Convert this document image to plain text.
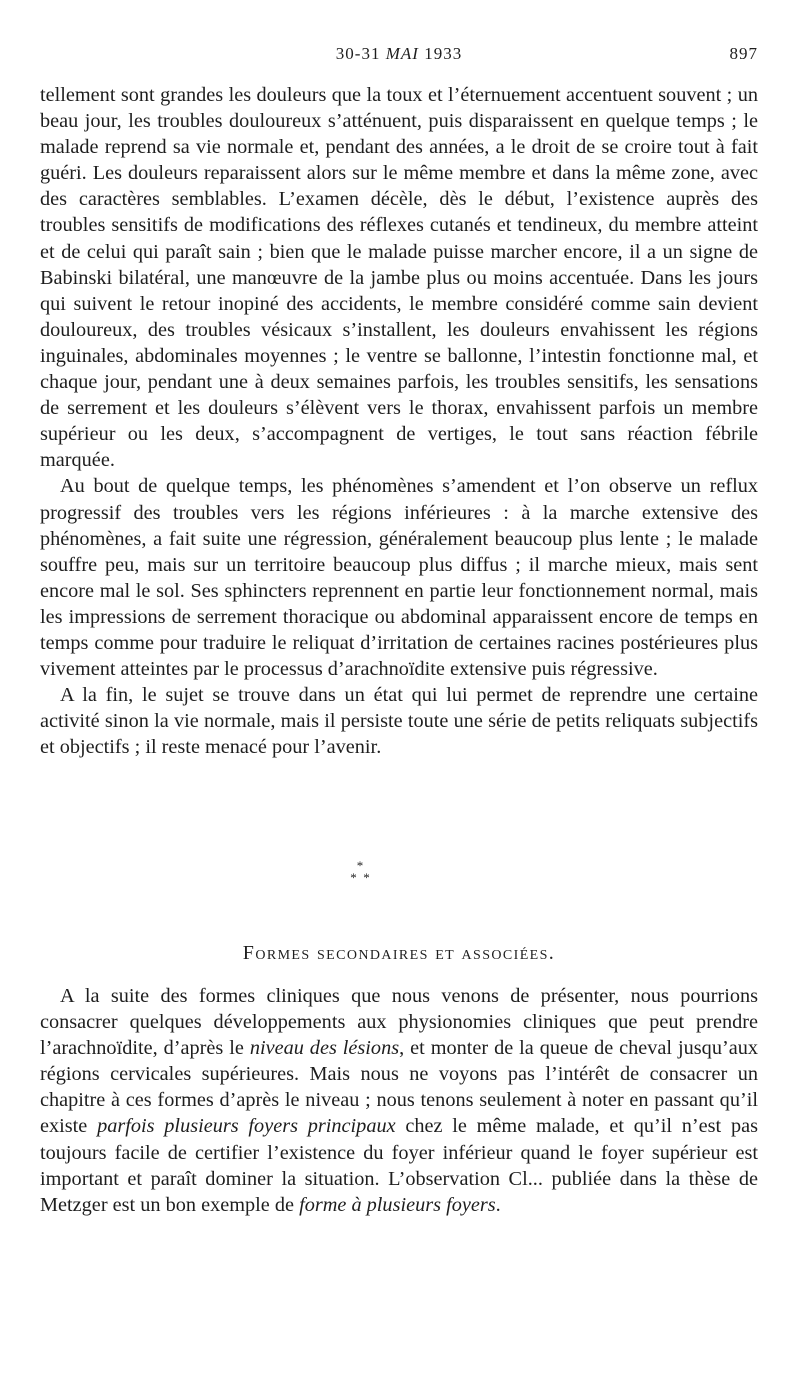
30-31 MAI 1933	897

tellement sont grandes les douleurs que la toux et l’éternuement accentuent souvent ; un beau jour, les troubles douloureux s’atténuent, puis disparaissent en quelque temps ; le malade reprend sa vie normale et, pendant des années, a le droit de se croire tout à fait guéri. Les douleurs reparaissent alors sur le même membre et dans la même zone, avec des caractères semblables. L’examen décèle, dès le début, l’existence auprès des troubles sensitifs de modifications des réflexes cutanés et tendineux, du membre atteint et de celui qui paraît sain ; bien que le malade puisse marcher encore, il a un signe de Babinski bilatéral, une manœuvre de la jambe plus ou moins accentuée. Dans les jours qui suivent le retour inopiné des accidents, le membre considéré comme sain devient douloureux, des troubles vésicaux s’installent, les douleurs envahissent les régions inguinales, abdominales moyennes ; le ventre se ballonne, l’intestin fonctionne mal, et chaque jour, pendant une à deux semaines parfois, les troubles sensitifs, les sensations de serrement et les douleurs s’élèvent vers le thorax, envahissent parfois un membre supérieur ou les deux, s’accompagnent de vertiges, le tout sans réaction fébrile marquée.

Au bout de quelque temps, les phénomènes s’amendent et l’on observe un reflux progressif des troubles vers les régions inférieures : à la marche extensive des phénomènes, a fait suite une régression, généralement beaucoup plus lente ; le malade souffre peu, mais sur un territoire beaucoup plus diffus ; il marche mieux, mais sent encore mal le sol. Ses sphincters reprennent en partie leur fonctionnement normal, mais les impressions de serrement thoracique ou abdominal apparaissent encore de temps en temps comme pour traduire le reliquat d’irritation de certaines racines postérieures plus vivement atteintes par le processus d’arachnoïdite extensive puis régressive.

A la fin, le sujet se trouve dans un état qui lui permet de reprendre une certaine activité sinon la vie normale, mais il persiste toute une série de petits reliquats subjectifs et objectifs ; il reste menacé pour l’avenir.

*
* *
Formes secondaires et associées.

A la suite des formes cliniques que nous venons de présenter, nous pourrions consacrer quelques développements aux physionomies cliniques que peut prendre l’arachnoïdite, d’après le niveau des lésions, et monter de la queue de cheval jusqu’aux régions cervicales supérieures. Mais nous ne voyons pas l’intérêt de consacrer un chapitre à ces formes d’après le niveau ; nous tenons seulement à noter en passant qu’il existe parfois plusieurs foyers principaux chez le même malade, et qu’il n’est pas toujours facile de certifier l’existence du foyer inférieur quand le foyer supérieur est important et paraît dominer la situation. L’observation Cl... publiée dans la thèse de Metzger est un bon exemple de forme à plusieurs foyers.
